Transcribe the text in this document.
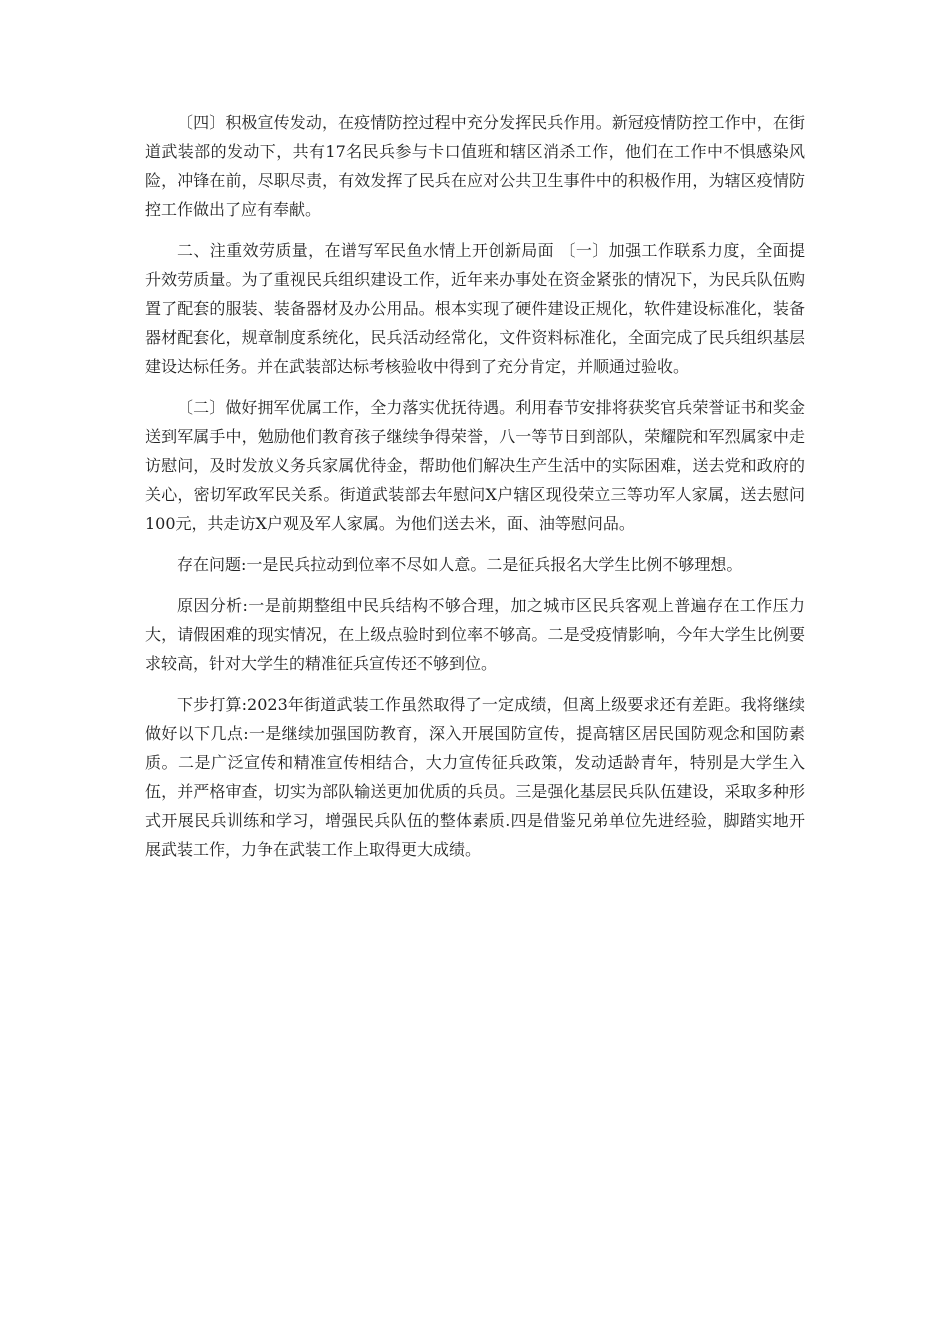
〔四〕积极宣传发动，在疫情防控过程中充分发挥民兵作用。新冠疫情防控工作中，在街道武装部的发动下，共有17名民兵参与卡口值班和辖区消杀工作，他们在工作中不惧感染风险，冲锋在前，尽职尽责，有效发挥了民兵在应对公共卫生事件中的积极作用，为辖区疫情防控工作做出了应有奉献。

二、注重效劳质量，在谱写军民鱼水情上开创新局面 〔一〕加强工作联系力度，全面提升效劳质量。为了重视民兵组织建设工作，近年来办事处在资金紧张的情况下，为民兵队伍购置了配套的服装、装备器材及办公用品。根本实现了硬件建设正规化，软件建设标准化，装备器材配套化，规章制度系统化，民兵活动经常化，文件资料标准化，全面完成了民兵组织基层建设达标任务。并在武装部达标考核验收中得到了充分肯定，并顺通过验收。

〔二〕做好拥军优属工作，全力落实优抚待遇。利用春节安排将获奖官兵荣誉证书和奖金送到军属手中，勉励他们教育孩子继续争得荣誉，八一等节日到部队，荣耀院和军烈属家中走访慰问，及时发放义务兵家属优待金，帮助他们解决生产生活中的实际困难，送去党和政府的关心，密切军政军民关系。街道武装部去年慰问X户辖区现役荣立三等功军人家属，送去慰问100元，共走访X户观及军人家属。为他们送去米，面、油等慰问品。

存在问题:一是民兵拉动到位率不尽如人意。二是征兵报名大学生比例不够理想。

原因分析:一是前期整组中民兵结构不够合理，加之城市区民兵客观上普遍存在工作压力大，请假困难的现实情况，在上级点验时到位率不够高。二是受疫情影响，今年大学生比例要求较高，针对大学生的精准征兵宣传还不够到位。

下步打算:2023年街道武装工作虽然取得了一定成绩，但离上级要求还有差距。我将继续做好以下几点:一是继续加强国防教育，深入开展国防宣传，提高辖区居民国防观念和国防素质。二是广泛宣传和精准宣传相结合，大力宣传征兵政策，发动适龄青年，特别是大学生入伍，并严格审查，切实为部队输送更加优质的兵员。三是强化基层民兵队伍建设，采取多种形式开展民兵训练和学习，增强民兵队伍的整体素质.四是借鉴兄弟单位先进经验，脚踏实地开展武装工作，力争在武装工作上取得更大成绩。
